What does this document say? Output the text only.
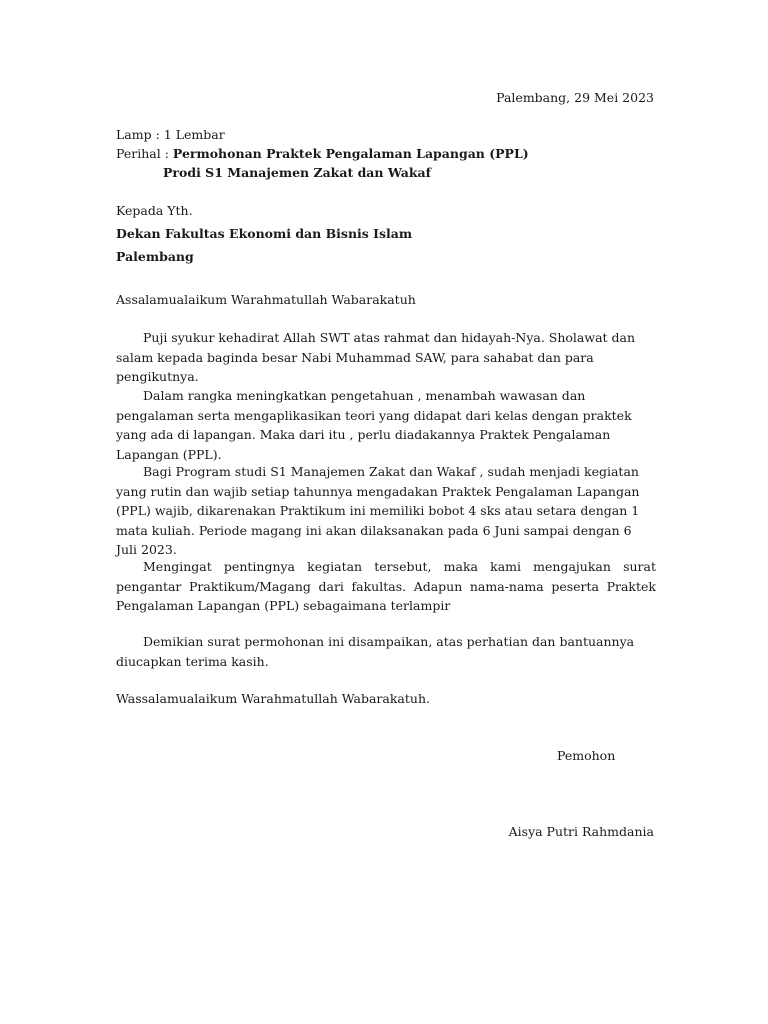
Palembang, 29 Mei 2023
Lamp : 1 Lembar
Perihal : Permohonan Praktek Pengalaman Lapangan (PPL)
Prodi S1 Manajemen Zakat dan Wakaf
Kepada Yth.
Dekan Fakultas Ekonomi dan Bisnis Islam
Palembang
Assalamualaikum Warahmatullah Wabarakatuh
Puji syukur kehadirat Allah SWT atas rahmat dan hidayah-Nya. Sholawat dan salam kepada baginda besar Nabi Muhammad SAW, para sahabat dan para pengikutnya.
Dalam rangka meningkatkan pengetahuan , menambah wawasan dan pengalaman serta mengaplikasikan teori yang didapat dari kelas dengan praktek yang ada di lapangan. Maka dari itu , perlu diadakannya Praktek Pengalaman Lapangan (PPL).
Bagi Program studi S1 Manajemen Zakat dan Wakaf , sudah menjadi kegiatan yang rutin dan wajib setiap tahunnya mengadakan Praktek Pengalaman Lapangan (PPL) wajib, dikarenakan Praktikum ini memiliki bobot 4 sks atau setara dengan 1 mata kuliah. Periode magang ini akan dilaksanakan pada 6 Juni sampai dengan 6 Juli 2023.
Mengingat pentingnya kegiatan tersebut, maka kami mengajukan surat pengantar Praktikum/Magang dari fakultas. Adapun nama-nama peserta Praktek Pengalaman Lapangan (PPL) sebagaimana terlampir
Demikian surat permohonan ini disampaikan, atas perhatian dan bantuannya diucapkan terima kasih.
Wassalamualaikum Warahmatullah Wabarakatuh.
Pemohon
Aisya Putri Rahmdania
